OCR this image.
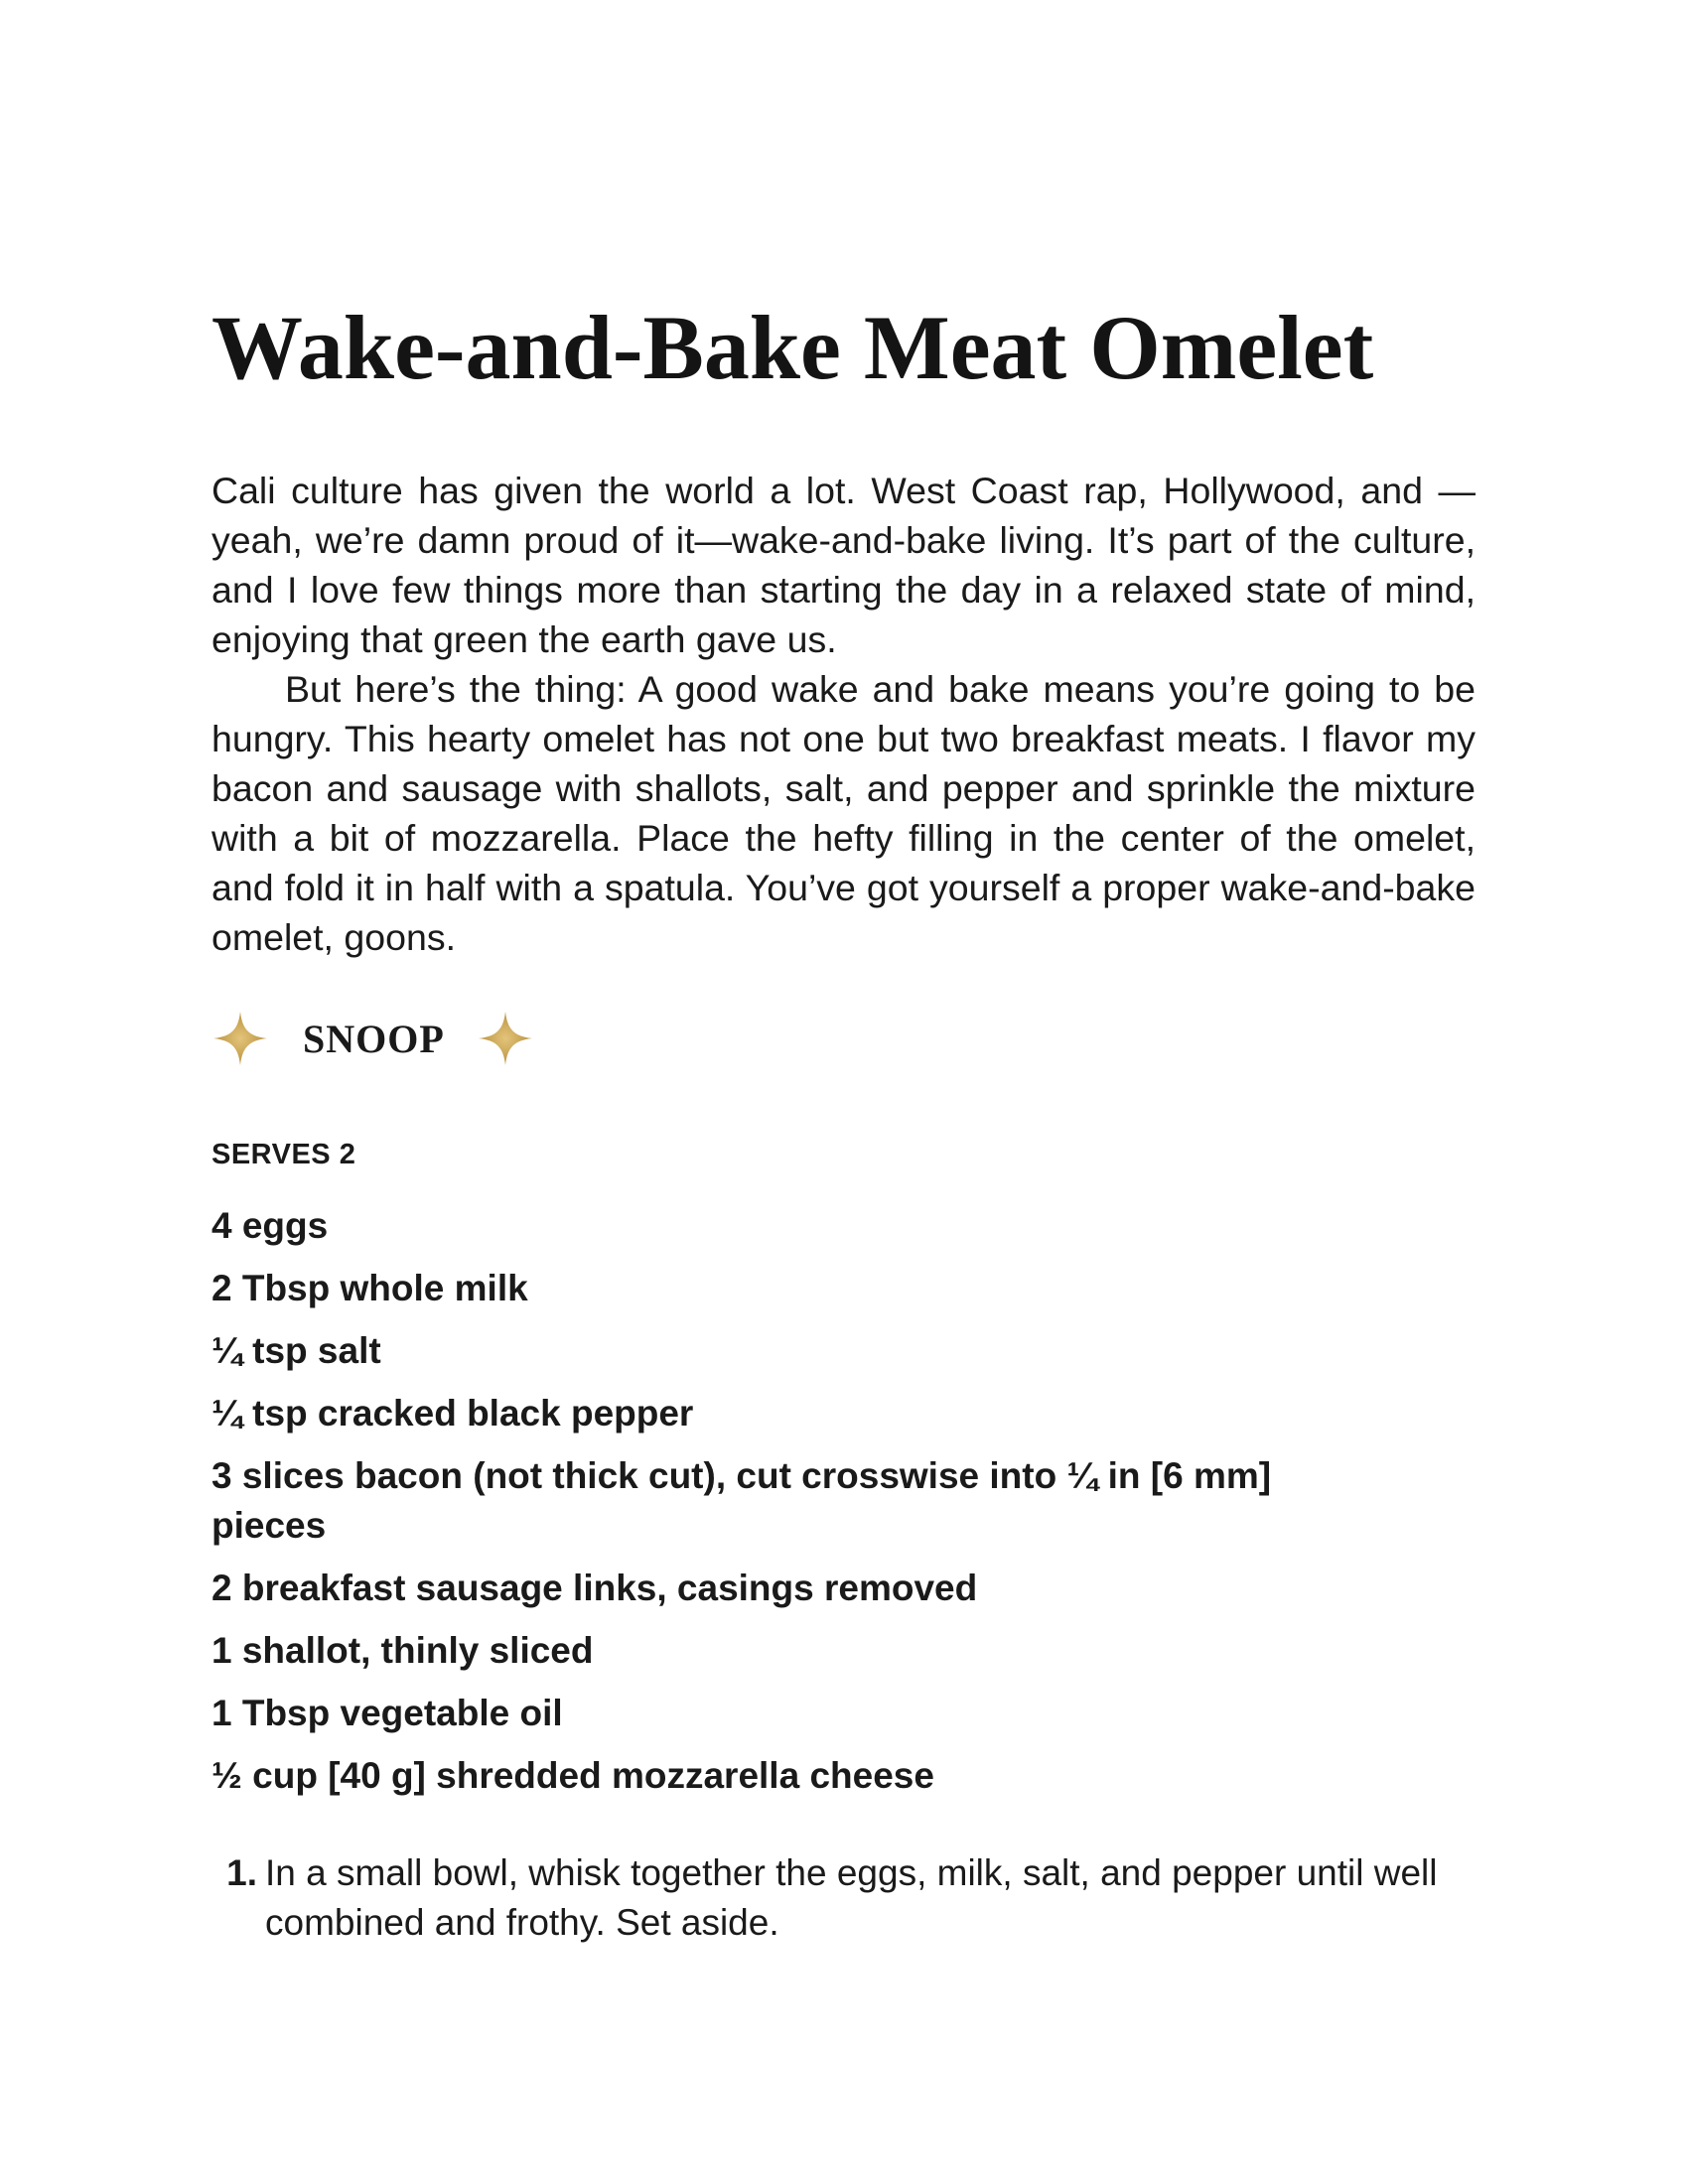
Wake-and-Bake Meat Omelet

Cali culture has given the world a lot. West Coast rap, Hollywood, and —yeah, we’re damn proud of it—wake-and-bake living. It’s part of the culture, and I love few things more than starting the day in a relaxed state of mind, enjoying that green the earth gave us.

But here’s the thing: A good wake and bake means you’re going to be hungry. This hearty omelet has not one but two breakfast meats. I flavor my bacon and sausage with shallots, salt, and pepper and sprinkle the mixture with a bit of mozzarella. Place the hefty filling in the center of the omelet, and fold it in half with a spatula. You’ve got yourself a proper wake-and-bake omelet, goons.

SNOOP
SERVES 2
4 eggs
2 Tbsp whole milk
¼ tsp salt
¼ tsp cracked black pepper
3 slices bacon (not thick cut), cut crosswise into ¼ in [6 mm] pieces
2 breakfast sausage links, casings removed
1 shallot, thinly sliced
1 Tbsp vegetable oil
½ cup [40 g] shredded mozzarella cheese
1. In a small bowl, whisk together the eggs, milk, salt, and pepper until well combined and frothy. Set aside.
